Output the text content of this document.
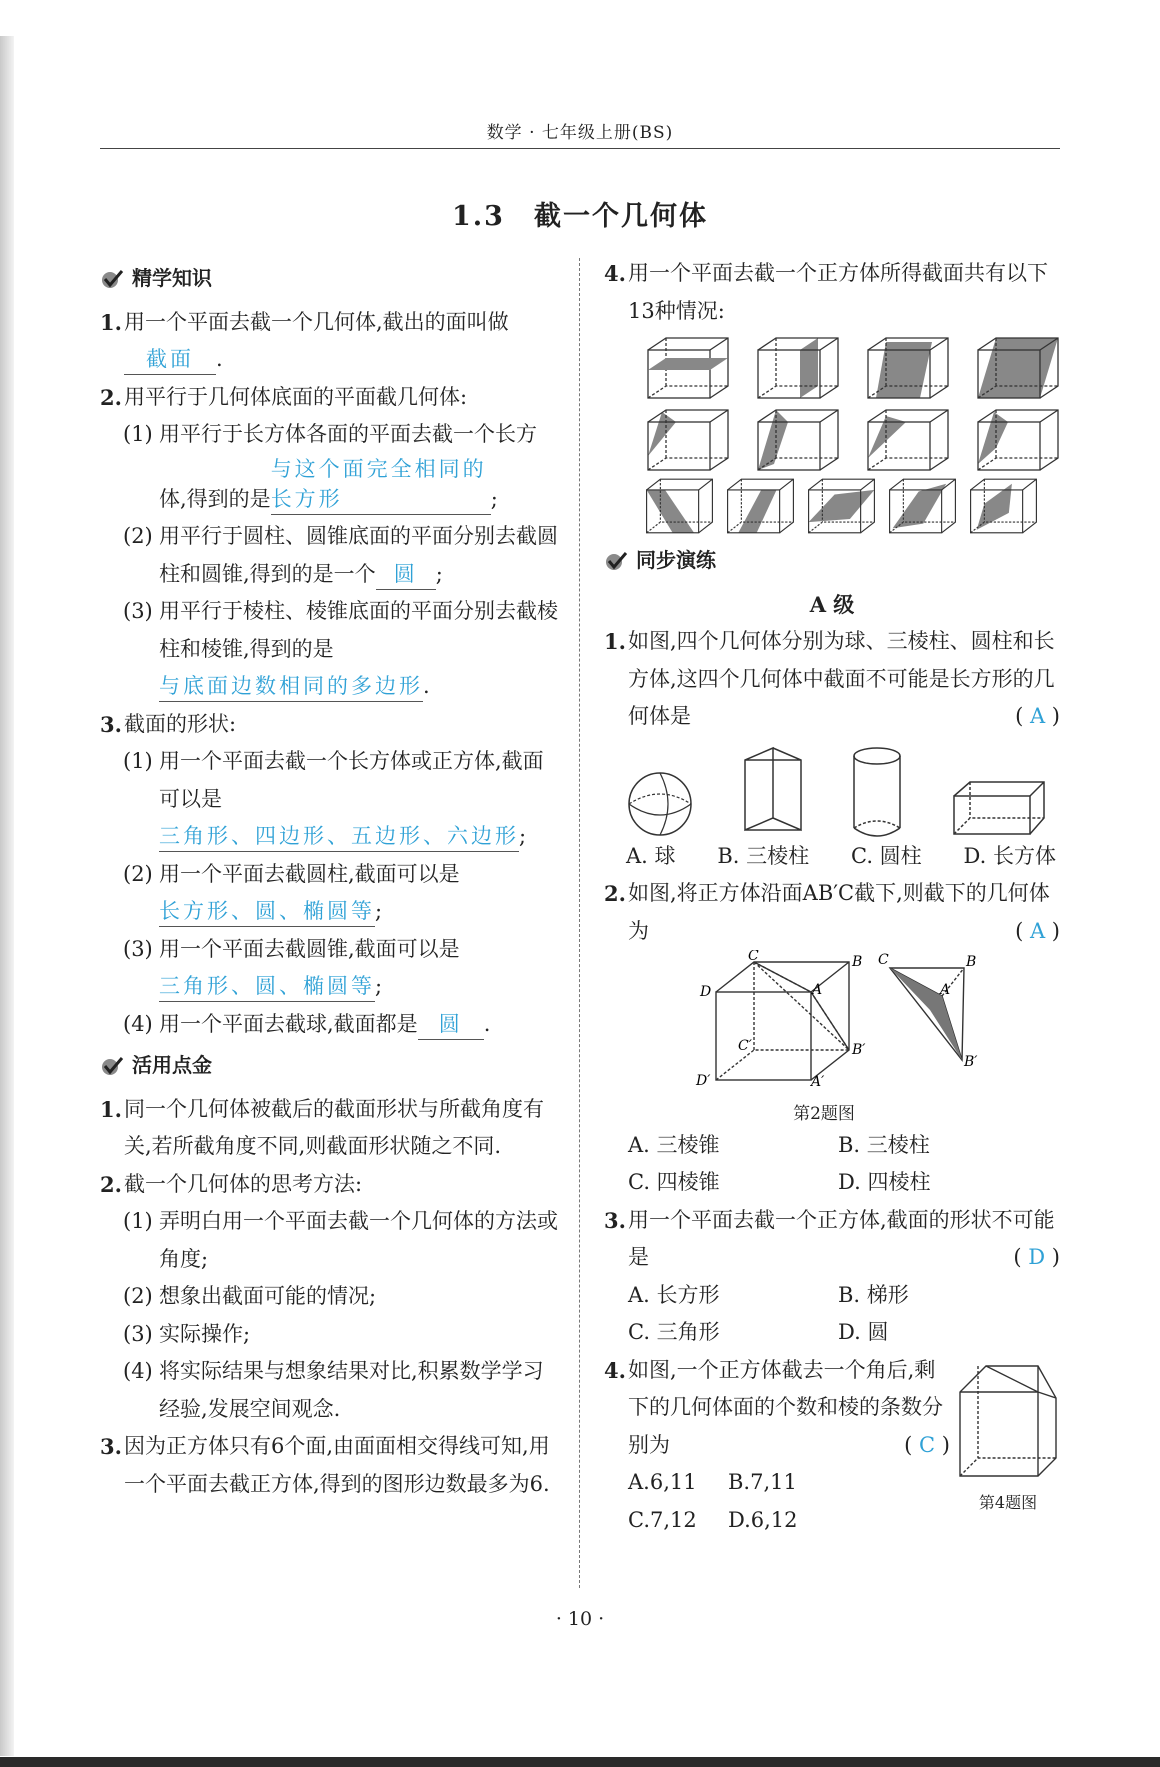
数学 · 七年级上册(BS)
1.3　截一个几何体
精学知识
1. 用一个平面去截一个几何体,截出的面叫做
截面 .
2. 用平行于几何体底面的平面截几何体:
(1) 用平行于长方体各面的平面去截一个长方体,得到的是与这个面完全相同的长方形	;
(2) 用平行于圆柱、圆锥底面的平面分别去截圆柱和圆锥,得到的是一个 圆 ;
(3) 用平行于棱柱、棱锥底面的平面分别去截棱柱和棱锥,得到的是与底面边数相同的多边形.
3. 截面的形状:
(1) 用一个平面去截一个长方体或正方体,截面可以是三角形、四边形、五边形、六边形;
(2) 用一个平面去截圆柱,截面可以是长方形、圆、椭圆等;
(3) 用一个平面去截圆锥,截面可以是三角形、圆、椭圆等;
(4) 用一个平面去截球,截面都是 圆 .
活用点金
1. 同一个几何体被截后的截面形状与所截角度有关,若所截角度不同,则截面形状随之不同.
2. 截一个几何体的思考方法:
(1) 弄明白用一个平面去截一个几何体的方法或角度;
(2) 想象出截面可能的情况;
(3) 实际操作;
(4) 将实际结果与想象结果对比,积累数学学习经验,发展空间观念.
3. 因为正方体只有6个面,由面面相交得线可知,用一个平面去截正方体,得到的图形边数最多为6.
4. 用一个平面去截一个正方体所得截面共有以下13种情况:
同步演练
A 级
1. 如图,四个几何体分别为球、三棱柱、圆柱和长方体,这四个几何体中截面不可能是长方形的几何体是	( A )
A. 球 B. 三棱柱 C. 圆柱 D. 长方体
2. 如图,将正方体沿面AB′C截下,则截下的几何体为	( A )
C	B
D	A
C′	B′
D′	A′
C	B
A
B′
第2题图
A. 三棱锥	B. 三棱柱
C. 四棱锥	D. 四棱柱
3. 用一个平面去截一个正方体,截面的形状不可能是	( D )
A. 长方形	B. 梯形
C. 三角形	D. 圆
4. 如图,一个正方体截去一个角后,剩下的几何体面的个数和棱的条数分别为	( C )
A.6,11	B.7,11
C.7,12	D.6,12
第4题图
· 10 ·
